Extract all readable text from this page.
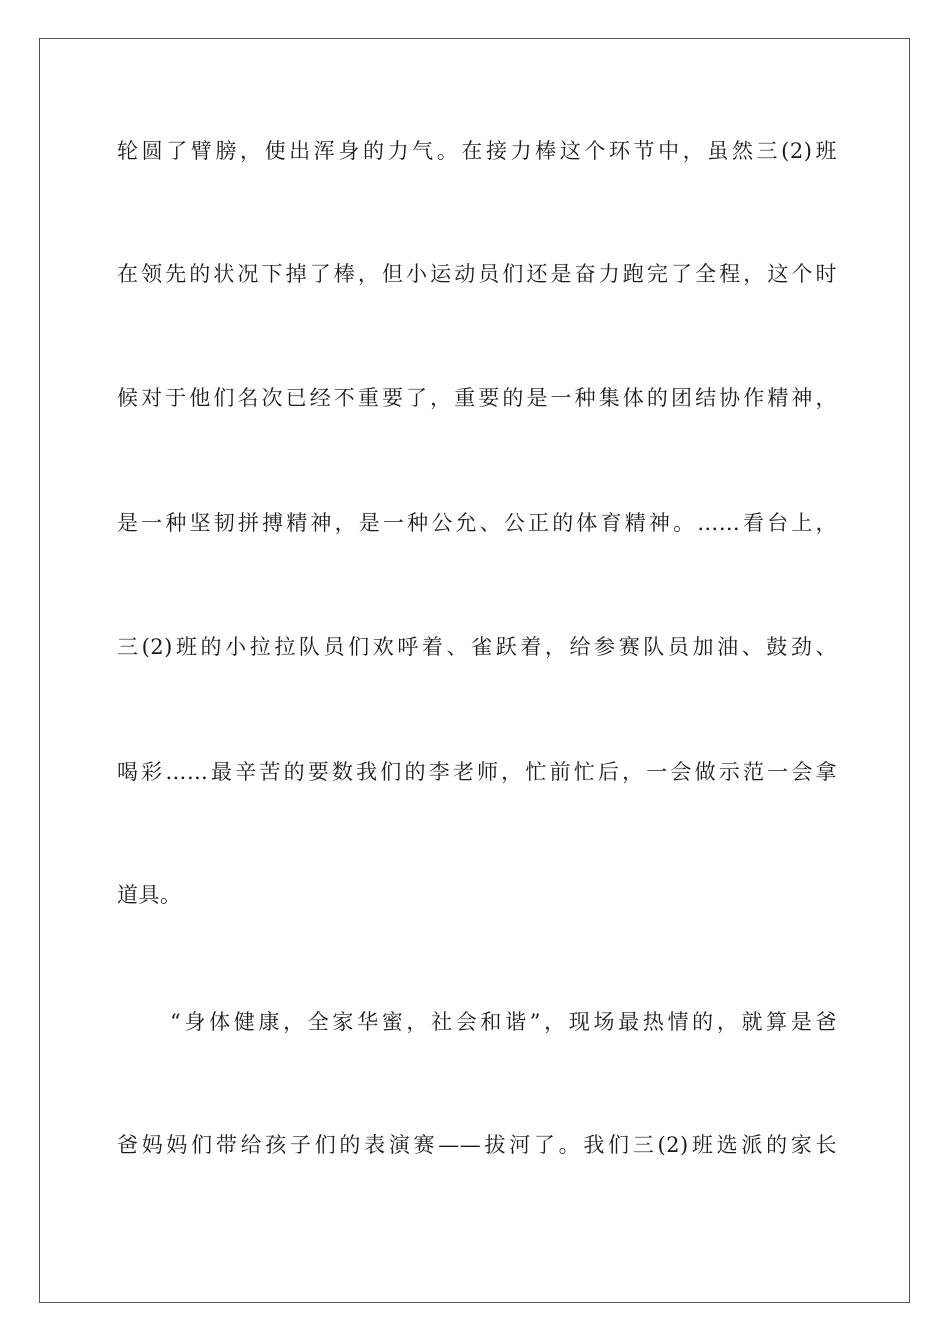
轮圆了臂膀，使出浑身的力气。在接力棒这个环节中，虽然三(2)班
在领先的状况下掉了棒，但小运动员们还是奋力跑完了全程，这个时
候对于他们名次已经不重要了，重要的是一种集体的团结协作精神，
是一种坚韧拼搏精神，是一种公允、公正的体育精神。……看台上，
三(2)班的小拉拉队员们欢呼着、雀跃着，给参赛队员加油、鼓劲、
喝彩……最辛苦的要数我们的李老师，忙前忙后，一会做示范一会拿
道具。
“身体健康，全家华蜜，社会和谐”，现场最热情的，就算是爸
爸妈妈们带给孩子们的表演赛——拔河了。我们三(2)班选派的家长
